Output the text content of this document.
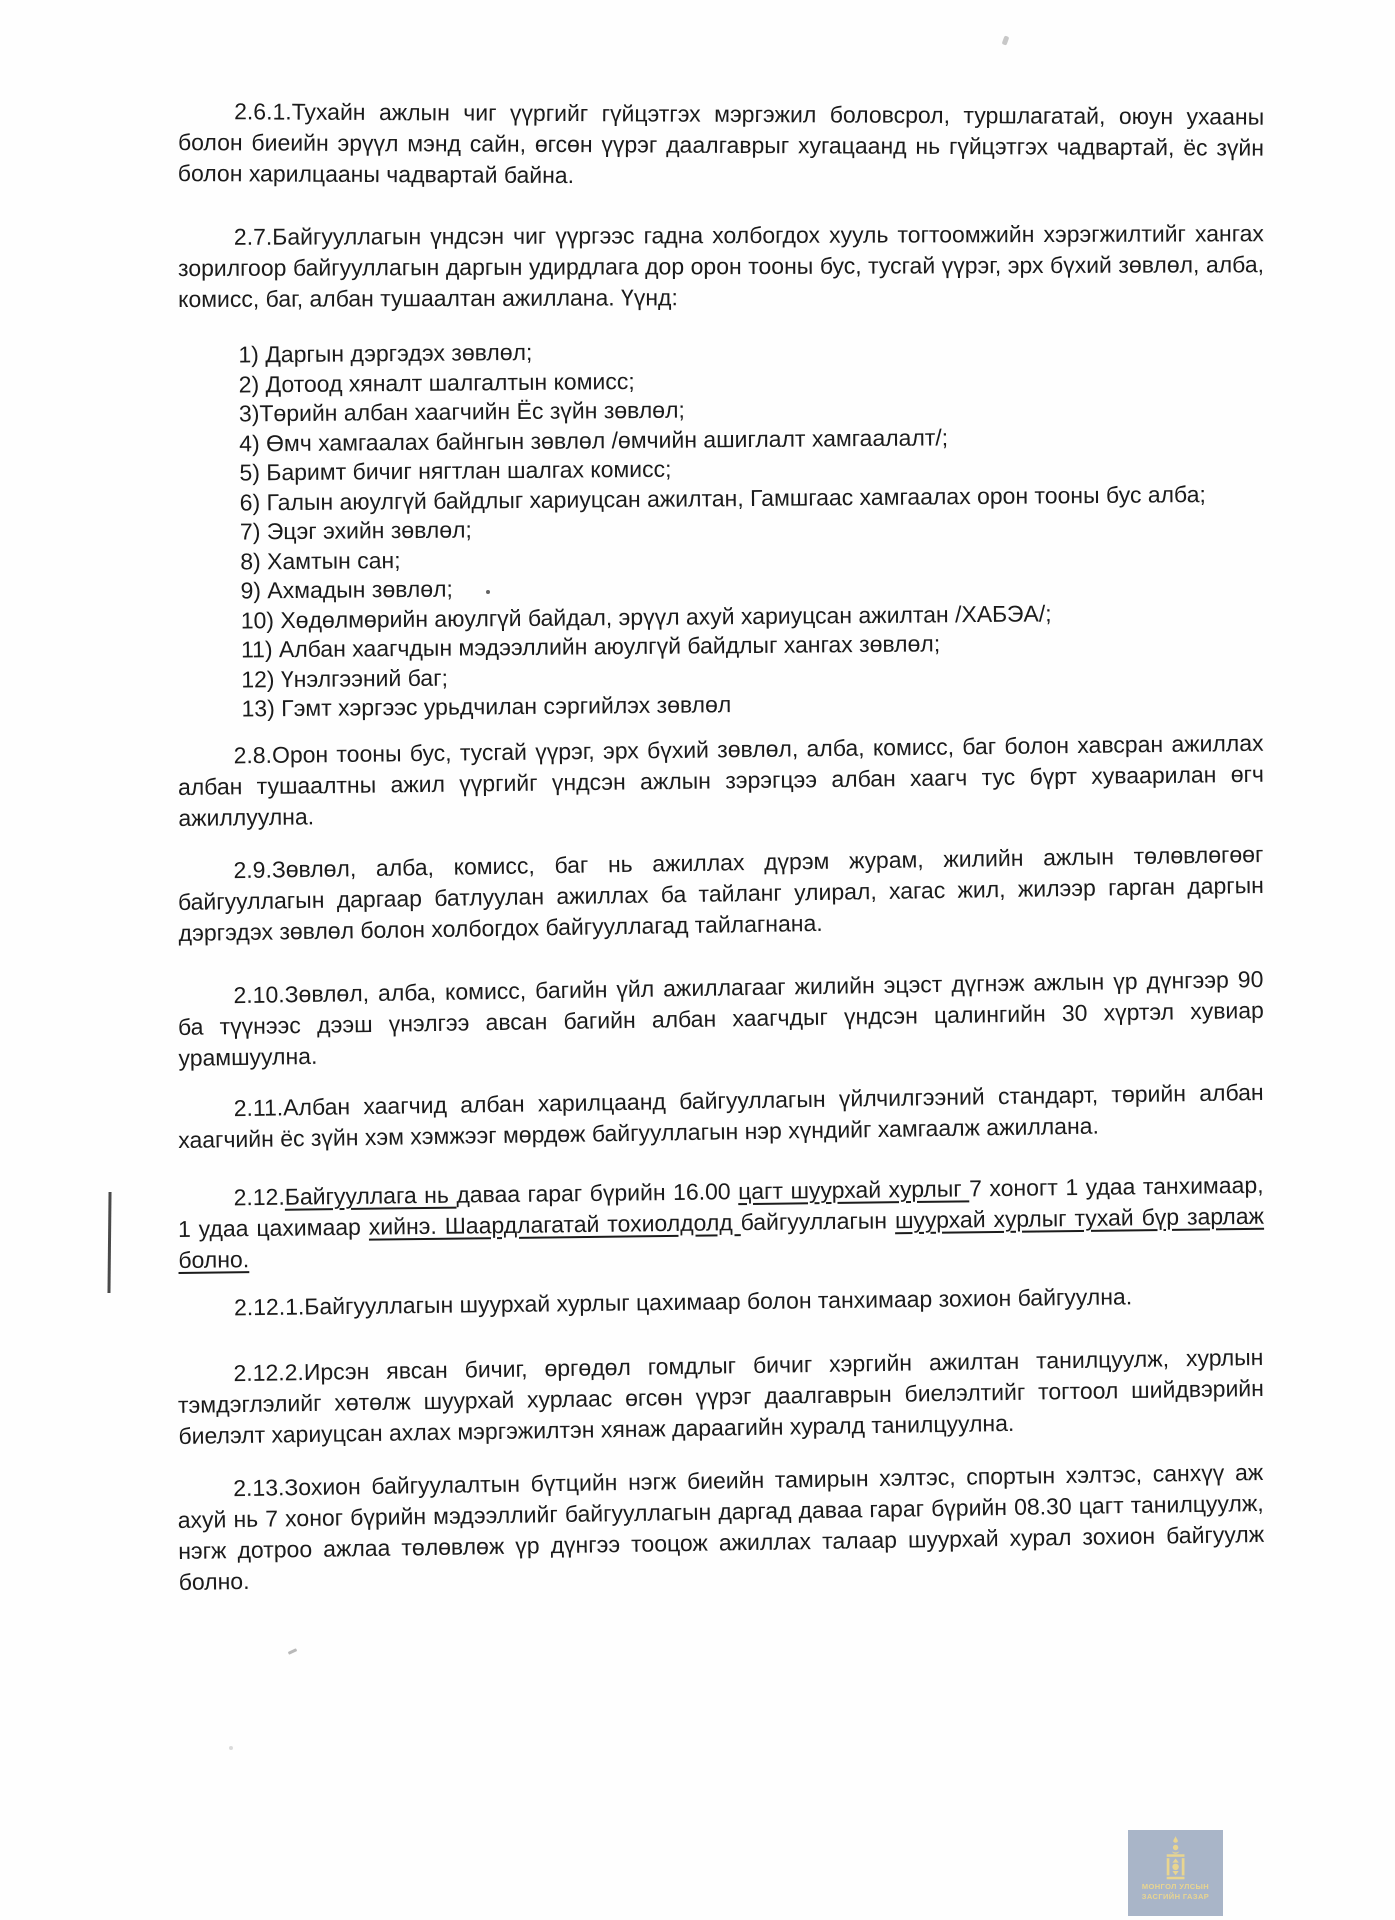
2.6.1.Тухайн ажлын чиг үүргийг гүйцэтгэх мэргэжил боловсрол, туршлагатай, оюун ухааны болон биеийн эрүүл мэнд сайн, өгсөн үүрэг даалгаврыг хугацаанд нь гүйцэтгэх чадвартай, ёс зүйн болон харилцааны чадвартай байна.

2.7.Байгууллагын үндсэн чиг үүргээс гадна холбогдох хууль тогтоомжийн хэрэгжилтийг хангах зорилгоор байгууллагын даргын удирдлага дор орон тооны бус, тусгай үүрэг, эрх бүхий зөвлөл, алба, комисс, баг, албан тушаалтан ажиллана. Үүнд:

1) Даргын дэргэдэх зөвлөл;
2) Дотоод хяналт шалгалтын комисс;
3)Төрийн албан хаагчийн Ёс зүйн зөвлөл;
4) Өмч хамгаалах байнгын зөвлөл /өмчийн ашиглалт хамгаалалт/;
5) Баримт бичиг нягтлан шалгах комисс;
6) Галын аюулгүй байдлыг хариуцсан ажилтан, Гамшгаас хамгаалах орон тооны бус алба;
7) Эцэг эхийн зөвлөл;
8) Хамтын сан;
9) Ахмадын зөвлөл;
10) Хөдөлмөрийн аюулгүй байдал, эрүүл ахуй хариуцсан ажилтан /ХАБЭА/;
11) Албан хаагчдын мэдээллийн аюулгүй байдлыг хангах зөвлөл;
12) Үнэлгээний баг;
13) Гэмт хэргээс урьдчилан сэргийлэх зөвлөл

2.8.Орон тооны бус, тусгай үүрэг, эрх бүхий зөвлөл, алба, комисс, баг болон хавсран ажиллах албан тушаалтны ажил үүргийг үндсэн ажлын зэрэгцээ албан хаагч тус бүрт хуваарилан өгч ажиллуулна.

2.9.Зөвлөл, алба, комисс, баг нь ажиллах дүрэм журам, жилийн ажлын төлөвлөгөөг байгууллагын даргаар батлуулан ажиллах ба тайланг улирал, хагас жил, жилээр гарган даргын дэргэдэх зөвлөл болон холбогдох байгууллагад тайлагнана.

2.10.Зөвлөл, алба, комисс, багийн үйл ажиллагааг жилийн эцэст дүгнэж ажлын үр дүнгээр 90 ба түүнээс дээш үнэлгээ авсан багийн албан хаагчдыг үндсэн цалингийн 30 хүртэл хувиар урамшуулна.

2.11.Албан хаагчид албан харилцаанд байгууллагын үйлчилгээний стандарт, төрийн албан хаагчийн ёс зүйн хэм хэмжээг мөрдөж байгууллагын нэр хүндийг хамгаалж ажиллана.

2.12.Байгууллага нь даваа гараг бүрийн 16.00 цагт шуурхай хурлыг 7 хоногт 1 удаа танхимаар, 1 удаа цахимаар хийнэ. Шаардлагатай тохиолдолд байгууллагын шуурхай хурлыг тухай бүр зарлаж болно.

2.12.1.Байгууллагын шуурхай хурлыг цахимаар болон танхимаар зохион байгуулна.

2.12.2.Ирсэн явсан бичиг, өргөдөл гомдлыг бичиг хэргийн ажилтан танилцуулж, хурлын тэмдэглэлийг хөтөлж шуурхай хурлаас өгсөн үүрэг даалгаврын биелэлтийг тогтоол шийдвэрийн биелэлт хариуцсан ахлах мэргэжилтэн хянаж дараагийн хуралд танилцуулна.

2.13.Зохион байгуулалтын бүтцийн нэгж биеийн тамирын хэлтэс, спортын хэлтэс, санхүү аж ахуй нь 7 хоног бүрийн мэдээллийг байгууллагын даргад даваа гараг бүрийн 08.30 цагт танилцуулж, нэгж дотроо ажлаа төлөвлөж үр дүнгээ тооцож ажиллах талаар шуурхай хурал зохион байгуулж болно.

МОНГОЛ УЛСЫН
ЗАСГИЙН ГАЗАР
